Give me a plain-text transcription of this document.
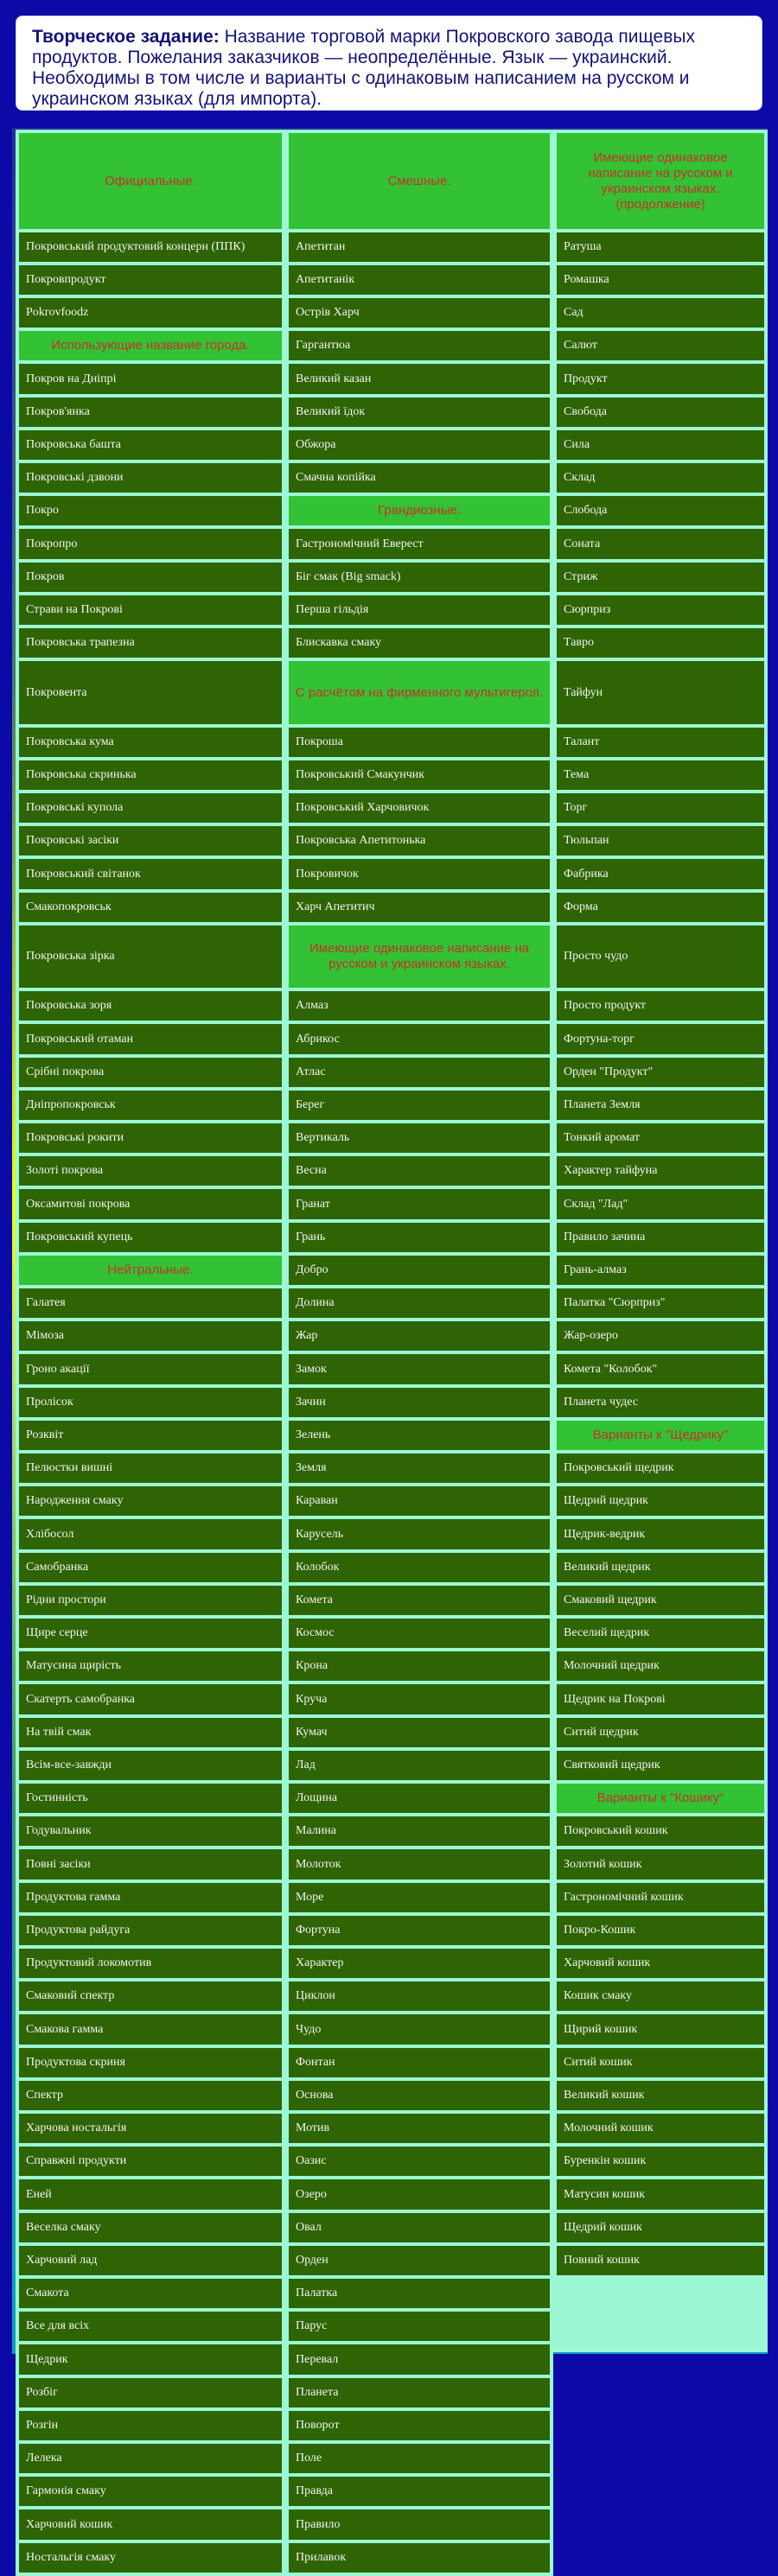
Творческое задание: Название торговой марки Покровского завода пищевых продуктов. Пожелания заказчиков — неопределённые. Язык — украинский. Необходимы в том числе и варианты с одинаковым написанием на русском и украинском языках (для импорта).

Официальные.
Покровський продуктовий концерн (ППК)
Покровпродукт
Pokrovfoodz
Использующие название города.
Покров на Дніпрі
Покров'янка
Покровська башта
Покровські дзвони
Покро
Покропро
Покров
Страви на Покрові
Покровська трапезна
Покровента
Покровська кума
Покровська скринька
Покровські купола
Покровські засіки
Покровський світанок
Смакопокровськ
Покровська зірка
Покровська зоря
Покровський отаман
Срібні покрова
Дніпропокровськ
Покровські рокити
Золоті покрова
Оксамитові покрова
Покровський купець
Нейтральные.
Галатея
Мімоза
Гроно акації
Пролісок
Розквіт
Пелюстки вишні
Народження смаку
Хлібосол
Самобранка
Рідни простори
Щире серце
Матусина щирість
Скатерть самобранка
На твій смак
Всім-все-завжди
Гостинність
Годувальник
Повні засіки
Продуктова гамма
Продуктова райдуга
Продуктовий локомотив
Смаковий спектр
Смакова гамма
Продуктова скриня
Спектр
Харчова ностальгія
Справжні продукти
Еней
Веселка смаку
Харчовий лад
Смакота
Все для всіх
Щедрик
Розбіг
Розгін
Лелека
Гармонія смаку
Харчовий кошик
Ностальгія смаку
Смешные.
Апетитан
Апетитанік
Острів Харч
Гаргантюа
Великий казан
Великий їдок
Обжора
Смачна копійка
Грандиозные.
Гастрономічний Еверест
Біг смак (Big smack)
Перша гільдія
Блискавка смаку
С расчётом на фирменного мультигероя.
Покроша
Покровський Смакунчик
Покровський Харчовичок
Покровська Апетитонька
Покровичок
Харч Апетитич
Имеющие одинаковое написание на русском и украинском языках.
Алмаз
Абрикос
Атлас
Берег
Вертикаль
Весна
Гранат
Грань
Добро
Долина
Жар
Замок
Зачин
Зелень
Земля
Караван
Карусель
Колобок
Комета
Космос
Крона
Круча
Кумач
Лад
Лощина
Малина
Молоток
Море
Фортуна
Характер
Циклон
Чудо
Фонтан
Основа
Мотив
Оазис
Озеро
Овал
Орден
Палатка
Парус
Перевал
Планета
Поворот
Поле
Правда
Правило
Прилавок
Имеющие одинаковое написание на русском и украинском языках. (продолжение)
Ратуша
Ромашка
Сад
Салют
Продукт
Свобода
Сила
Склад
Слобода
Соната
Стриж
Сюрприз
Тавро
Тайфун
Талант
Тема
Торг
Тюльпан
Фабрика
Форма
Просто чудо
Просто продукт
Фортуна-торг
Орден "Продукт"
Планета Земля
Тонкий аромат
Характер тайфуна
Склад "Лад"
Правило зачина
Грань-алмаз
Палатка "Сюрприз"
Жар-озеро
Комета "Колобок"
Планета чудес
Варианты к "Щедрику"
Покровський щедрик
Щедрий щедрик
Щедрик-ведрик
Великий щедрик
Смаковий щедрик
Веселий щедрик
Молочний щедрик
Щедрик на Покрові
Ситий щедрик
Святковий щедрик
Варианты к "Кошику"
Покровський кошик
Золотий кошик
Гастрономічний кошик
Покро-Кошик
Харчовий кошик
Кошик смаку
Щирий кошик
Ситий кошик
Великий кошик
Молочний кошик
Буренкін кошик
Матусин кошик
Щедрий кошик
Повний кошик
